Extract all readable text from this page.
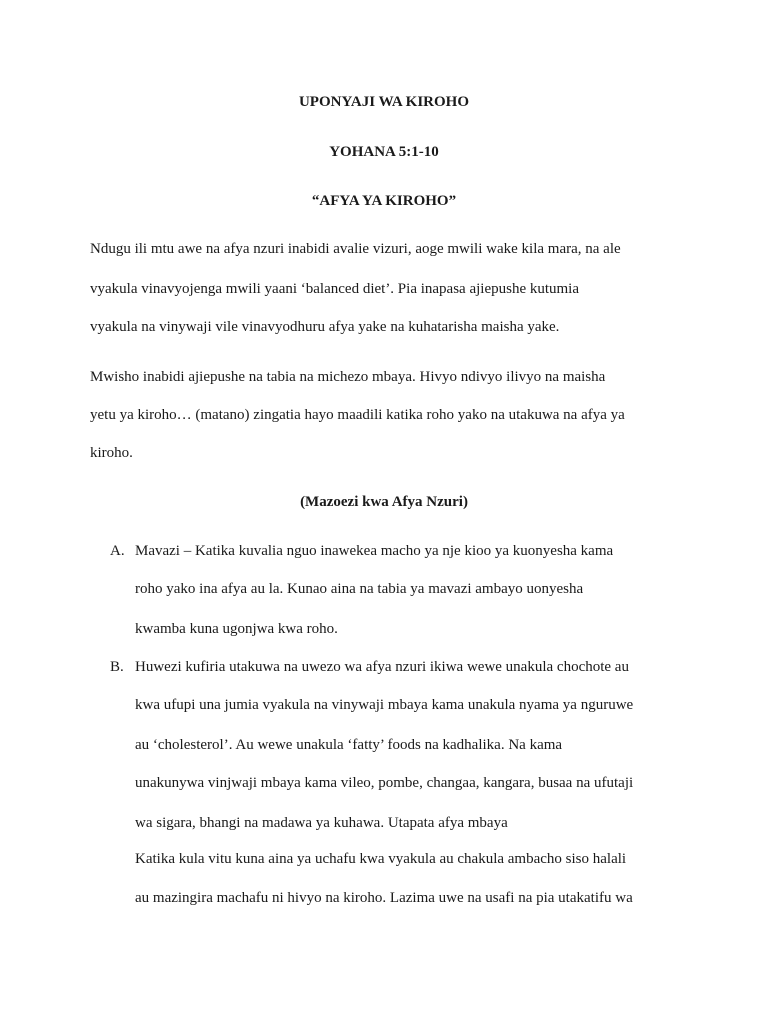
UPONYAJI WA KIROHO
YOHANA 5:1-10
“AFYA YA KIROHO”

Ndugu ili mtu awe na afya nzuri inabidi avalie vizuri, aoge mwili wake kila mara, na ale

vyakula vinavyojenga mwili yaani ‘balanced diet’. Pia inapasa ajiepushe kutumia

vyakula na vinywaji vile vinavyodhuru afya yake na kuhatarisha maisha yake.

Mwisho inabidi ajiepushe na tabia na michezo mbaya. Hivyo ndivyo ilivyo na maisha

yetu ya kiroho… (matano) zingatia hayo maadili katika roho yako na utakuwa na afya ya

kiroho.

(Mazoezi kwa Afya Nzuri)
A. Mavazi – Katika kuvalia nguo inawekea macho ya nje kioo ya kuonyesha kama

roho yako ina afya au la. Kunao aina na tabia ya mavazi ambayo uonyesha

kwamba kuna ugonjwa kwa roho.

B. Huwezi kufiria utakuwa na uwezo wa afya nzuri ikiwa wewe unakula chochote au

kwa ufupi una jumia vyakula na vinywaji mbaya kama unakula nyama ya nguruwe

au ‘cholesterol’. Au wewe unakula ‘fatty’ foods na kadhalika. Na kama

unakunywa vinjwaji mbaya kama vileo, pombe, changaa, kangara, busaa na ufutaji

wa sigara, bhangi na madawa ya kuhawa. Utapata afya mbaya

Katika kula vitu kuna aina ya uchafu kwa vyakula au chakula ambacho siso halali

au mazingira machafu ni hivyo na kiroho. Lazima uwe na usafi na pia utakatifu wa
